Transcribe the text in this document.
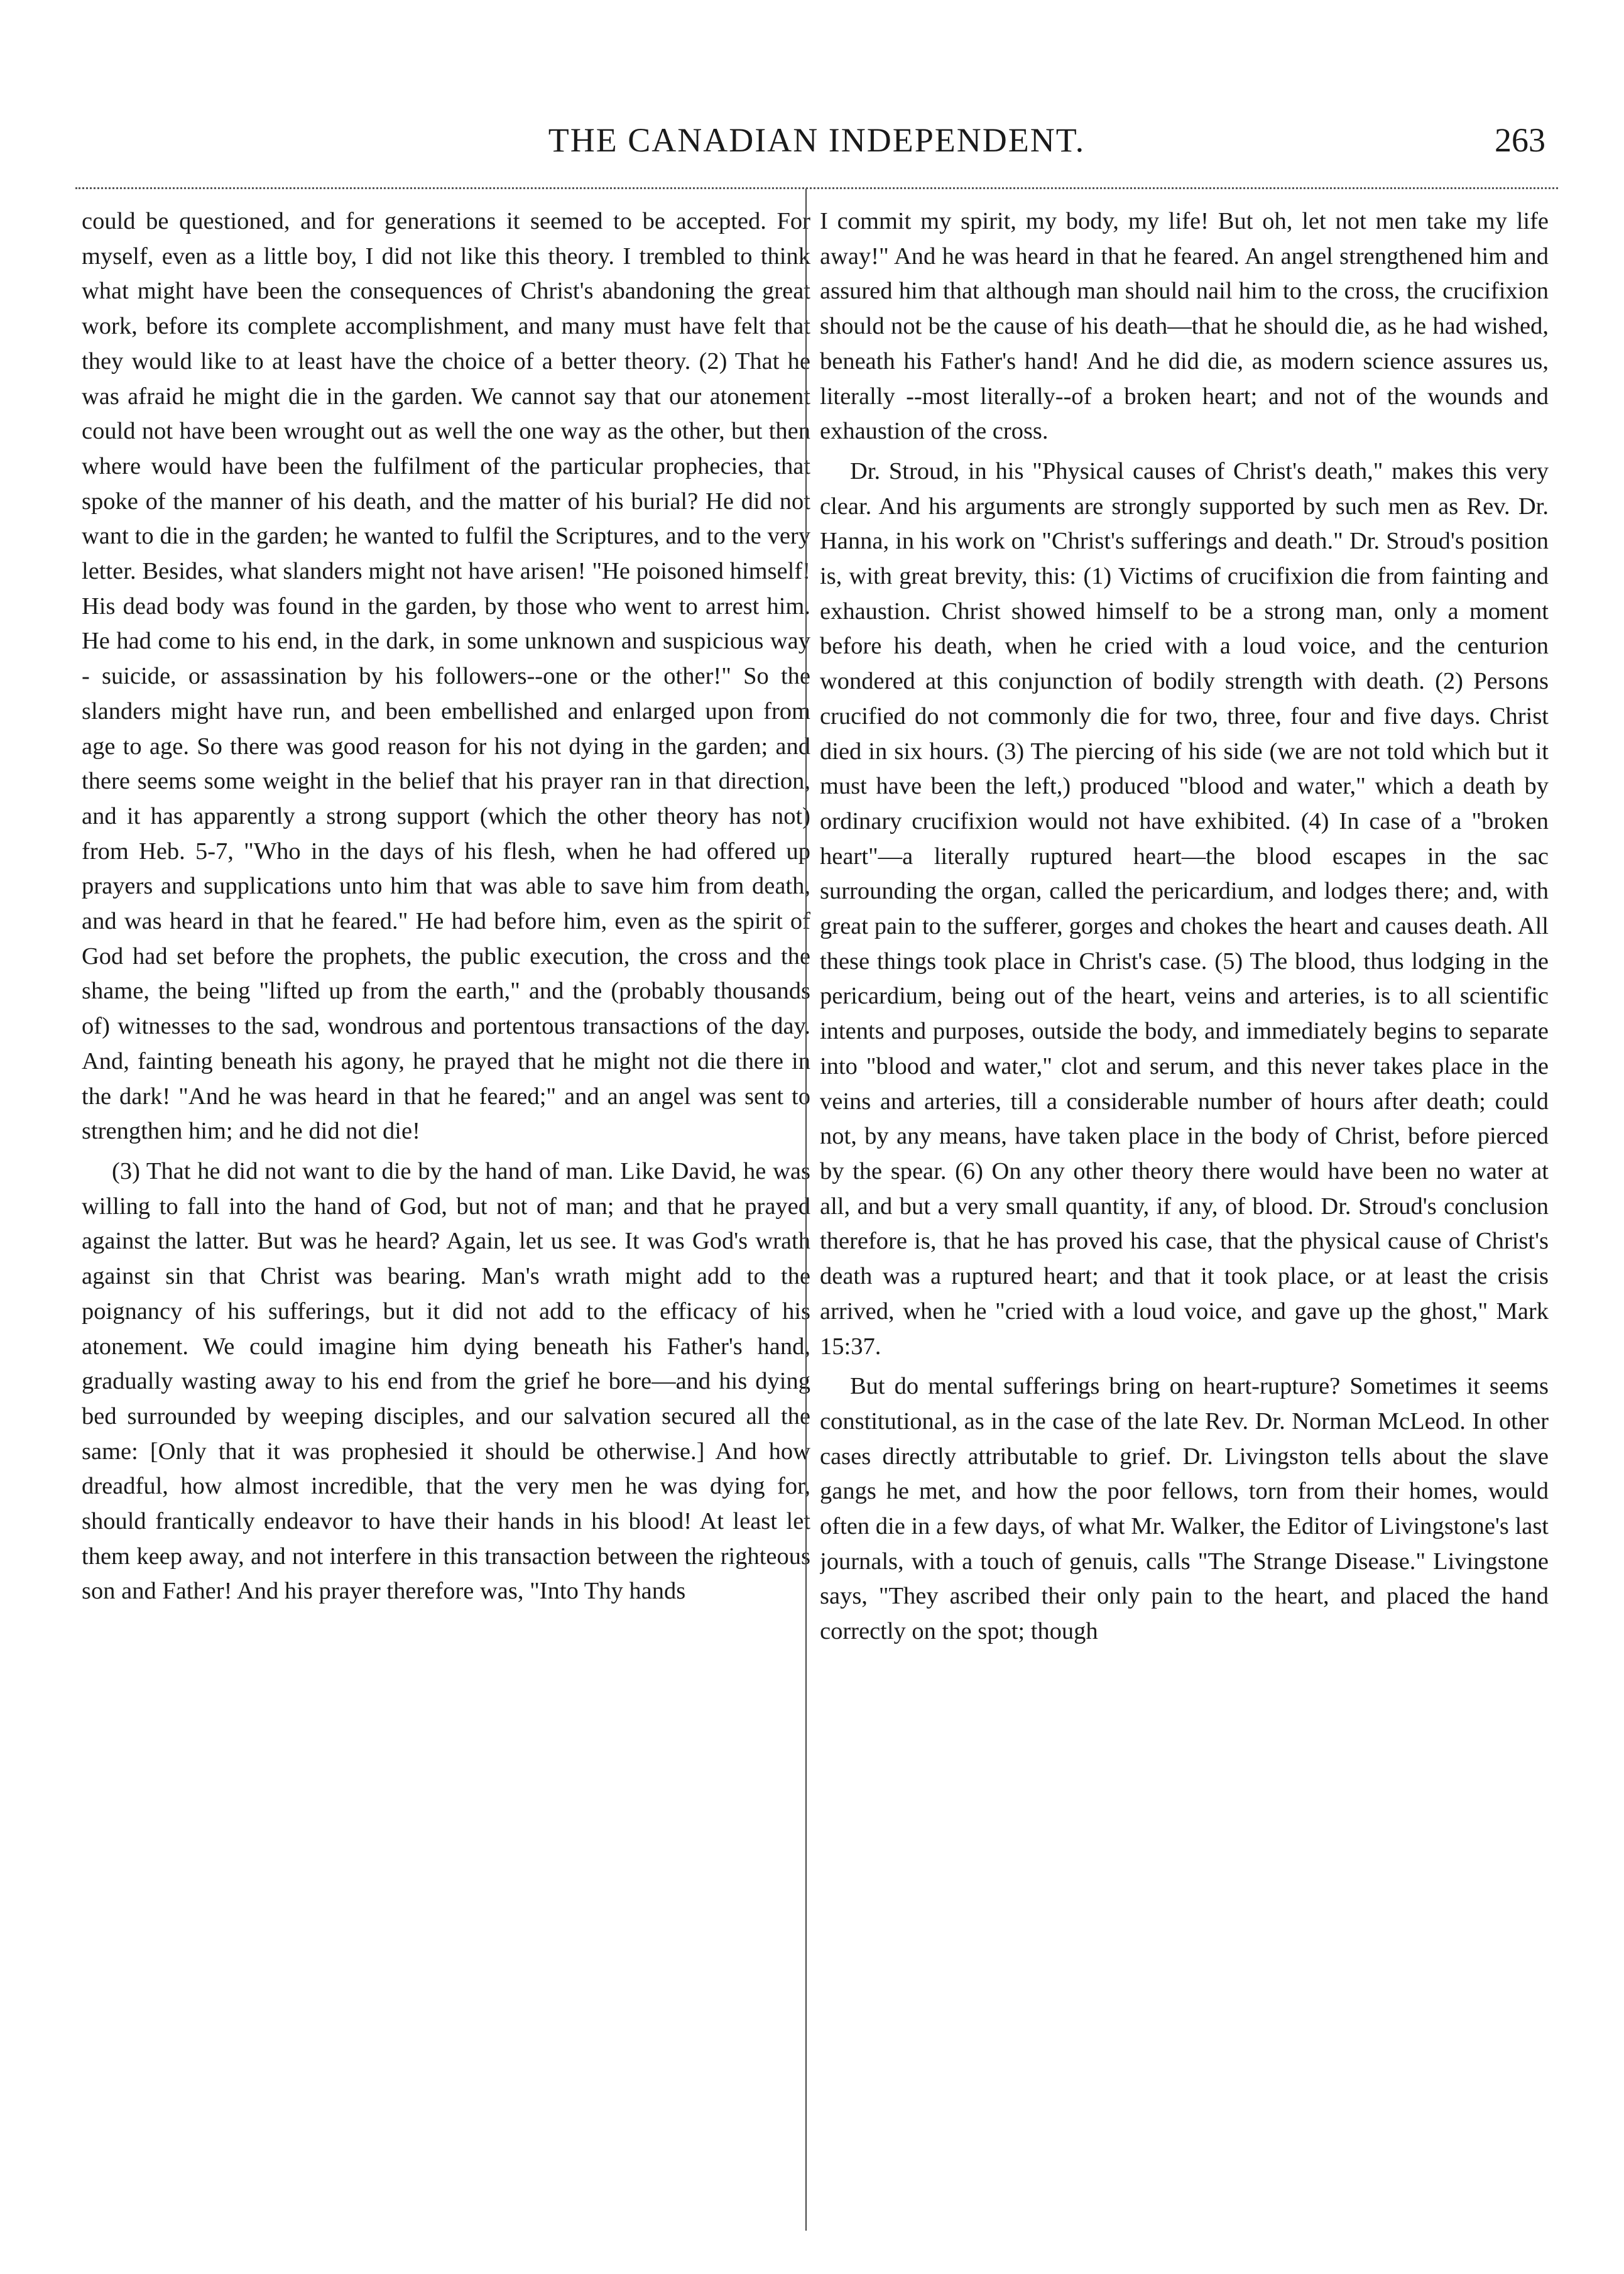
THE CANADIAN INDEPENDENT.	263

could be questioned, and for generations it seemed to be accepted. For myself, even as a little boy, I did not like this theory. I trembled to think what might have been the consequences of Christ's abandoning the great work, before its complete accomplishment, and many must have felt that they would like to at least have the choice of a better theory. (2) That he was afraid he might die in the garden. We cannot say that our atonement could not have been wrought out as well the one way as the other, but then where would have been the fulfilment of the particular prophecies, that spoke of the manner of his death, and the matter of his burial? He did not want to die in the garden; he wanted to fulfil the Scriptures, and to the very letter. Besides, what slanders might not have arisen! "He poisoned himself! His dead body was found in the garden, by those who went to arrest him. He had come to his end, in the dark, in some unknown and suspicious way - suicide, or assassination by his followers--one or the other!" So the slanders might have run, and been embellished and enlarged upon from age to age. So there was good reason for his not dying in the garden; and there seems some weight in the belief that his prayer ran in that direction, and it has apparently a strong support (which the other theory has not) from Heb. 5-7, "Who in the days of his flesh, when he had offered up prayers and supplications unto him that was able to save him from death, and was heard in that he feared." He had before him, even as the spirit of God had set before the prophets, the public execution, the cross and the shame, the being "lifted up from the earth," and the (probably thousands of) witnesses to the sad, wondrous and portentous transactions of the day. And, fainting beneath his agony, he prayed that he might not die there in the dark! "And he was heard in that he feared;" and an angel was sent to strengthen him; and he did not die!

(3) That he did not want to die by the hand of man. Like David, he was willing to fall into the hand of God, but not of man; and that he prayed against the latter. But was he heard? Again, let us see. It was God's wrath against sin that Christ was bearing. Man's wrath might add to the poignancy of his sufferings, but it did not add to the efficacy of his atonement. We could imagine him dying beneath his Father's hand, gradually wasting away to his end from the grief he bore—and his dying bed surrounded by weeping disciples, and our salvation secured all the same: [Only that it was prophesied it should be otherwise.] And how dreadful, how almost incredible, that the very men he was dying for, should frantically endeavor to have their hands in his blood! At least let them keep away, and not interfere in this transaction between the righteous son and Father! And his prayer therefore was, "Into Thy hands

I commit my spirit, my body, my life! But oh, let not men take my life away!" And he was heard in that he feared. An angel strengthened him and assured him that although man should nail him to the cross, the crucifixion should not be the cause of his death—that he should die, as he had wished, beneath his Father's hand! And he did die, as modern science assures us, literally --most literally--of a broken heart; and not of the wounds and exhaustion of the cross.

Dr. Stroud, in his "Physical causes of Christ's death," makes this very clear. And his arguments are strongly supported by such men as Rev. Dr. Hanna, in his work on "Christ's sufferings and death." Dr. Stroud's position is, with great brevity, this: (1) Victims of crucifixion die from fainting and exhaustion. Christ showed himself to be a strong man, only a moment before his death, when he cried with a loud voice, and the centurion wondered at this conjunction of bodily strength with death. (2) Persons crucified do not commonly die for two, three, four and five days. Christ died in six hours. (3) The piercing of his side (we are not told which but it must have been the left,) produced "blood and water," which a death by ordinary crucifixion would not have exhibited. (4) In case of a "broken heart"—a literally ruptured heart—the blood escapes in the sac surrounding the organ, called the pericardium, and lodges there; and, with great pain to the sufferer, gorges and chokes the heart and causes death. All these things took place in Christ's case. (5) The blood, thus lodging in the pericardium, being out of the heart, veins and arteries, is to all scientific intents and purposes, outside the body, and immediately begins to separate into "blood and water," clot and serum, and this never takes place in the veins and arteries, till a considerable number of hours after death; could not, by any means, have taken place in the body of Christ, before pierced by the spear. (6) On any other theory there would have been no water at all, and but a very small quantity, if any, of blood. Dr. Stroud's conclusion therefore is, that he has proved his case, that the physical cause of Christ's death was a ruptured heart; and that it took place, or at least the crisis arrived, when he "cried with a loud voice, and gave up the ghost," Mark 15:37.

But do mental sufferings bring on heart-rupture? Sometimes it seems constitutional, as in the case of the late Rev. Dr. Norman McLeod. In other cases directly attributable to grief. Dr. Livingston tells about the slave gangs he met, and how the poor fellows, torn from their homes, would often die in a few days, of what Mr. Walker, the Editor of Livingstone's last journals, with a touch of genuis, calls "The Strange Disease." Livingstone says, "They ascribed their only pain to the heart, and placed the hand correctly on the spot; though
